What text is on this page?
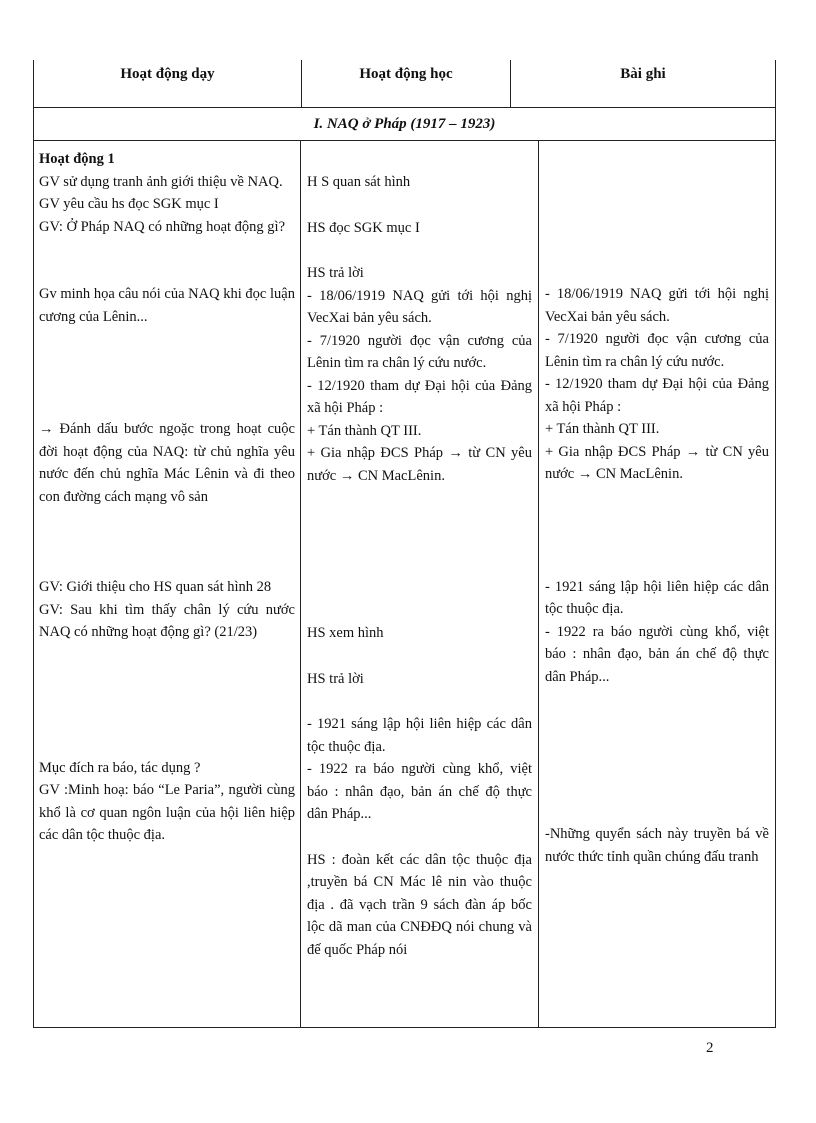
Hoạt động dạy	Hoạt động học	Bài ghi
I. NAQ ở Pháp (1917 – 1923)

Hoạt động 1

GV sử dụng tranh ảnh giới thiệu về NAQ.

GV yêu cầu hs đọc SGK mục I

GV: Ở Pháp NAQ có những hoạt động gì?

Gv minh họa câu nói của NAQ khi đọc luận cương của Lênin...

→ Đánh dấu bước ngoặc trong hoạt cuộc đời hoạt động của NAQ: từ chủ nghĩa yêu nước đến chủ nghĩa Mác Lênin và đi theo con đường cách mạng vô sản

GV: Giới thiệu cho HS quan sát hình 28

GV: Sau khi tìm thấy chân lý cứu nước NAQ có những hoạt động gì? (21/23)

Mục đích ra báo, tác dụng ?

GV :Minh hoạ: báo “Le Paria”, người cùng khổ là cơ quan ngôn luận của hội liên hiệp các dân tộc thuộc địa.

H S quan sát hình

HS đọc SGK mục I

HS trả lời

- 18/06/1919 NAQ gửi tới hội nghị VecXai bản yêu sách.

- 7/1920 người đọc vận cương của Lênin tìm ra chân lý cứu nước.

- 12/1920 tham dự Đại hội của Đảng xã hội Pháp :

+ Tán thành QT III.

+ Gia nhập ĐCS Pháp → từ CN yêu nước → CN MacLênin.

HS xem hình

HS trả lời

- 1921 sáng lập hội liên hiệp các dân tộc thuộc địa.

- 1922 ra báo người cùng khổ, việt báo : nhân đạo, bản án chế độ thực dân Pháp...

HS : đoàn kết các dân tộc thuộc địa ,truyền bá CN Mác lê nin vào thuộc địa . đã vạch trần 9 sách đàn áp bốc lộc dã man của CNĐĐQ nói chung và đế quốc Pháp nói

- 18/06/1919 NAQ gửi tới hội nghị VecXai bản yêu sách.

- 7/1920 người đọc vận cương của Lênin tìm ra chân lý cứu nước.

- 12/1920 tham dự Đại hội của Đảng xã hội Pháp :

+ Tán thành QT III.

+ Gia nhập ĐCS Pháp → từ CN yêu nước → CN MacLênin.

- 1921 sáng lập hội liên hiệp các dân tộc thuộc địa.

- 1922 ra báo người cùng khổ, việt báo : nhân đạo, bản án chế độ thực dân Pháp...

-Những quyển sách này truyền bá về nước thức tỉnh quần chúng đấu tranh

2
